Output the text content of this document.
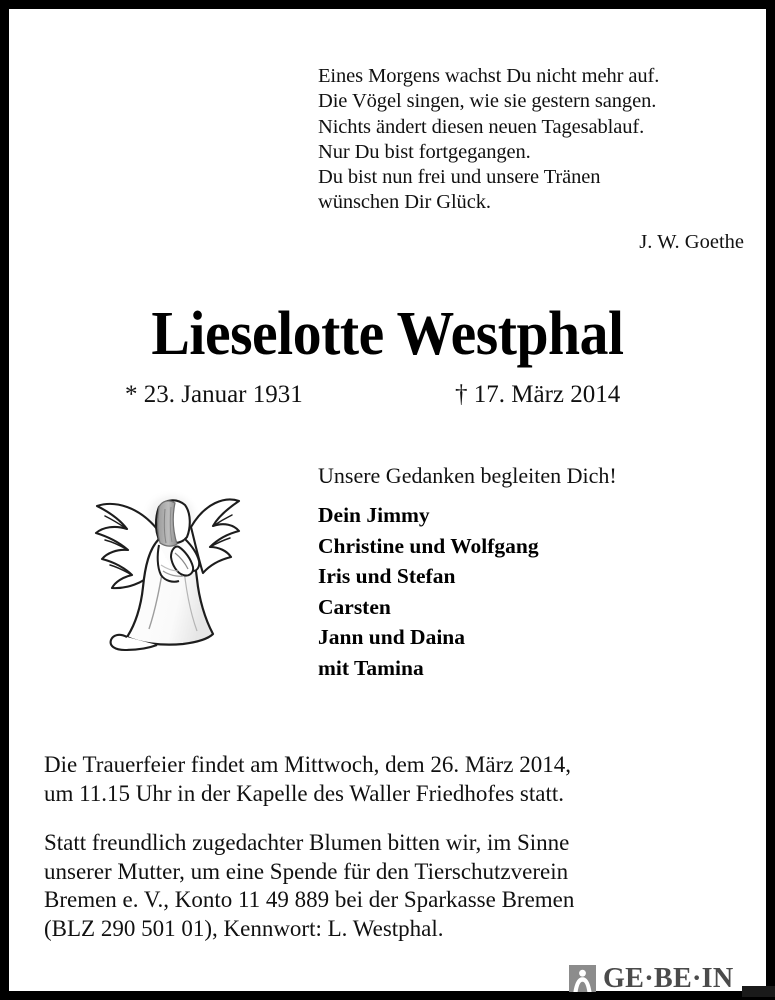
Eines Morgens wachst Du nicht mehr auf.
Die Vögel singen, wie sie gestern sangen.
Nichts ändert diesen neuen Tagesablauf.
Nur Du bist fortgegangen.
Du bist nun frei und unsere Tränen
wünschen Dir Glück.
J. W. Goethe
Lieselotte Westphal
* 23. Januar 1931	† 17. März 2014
Unsere Gedanken begleiten Dich!
Dein Jimmy
Christine und Wolfgang
Iris und Stefan
Carsten
Jann und Daina
mit Tamina
Die Trauerfeier findet am Mittwoch, dem 26. März 2014,
um 11.15 Uhr in der Kapelle des Waller Friedhofes statt.
Statt freundlich zugedachter Blumen bitten wir, im Sinne
unserer Mutter, um eine Spende für den Tierschutzverein
Bremen e. V., Konto 11 49 889 bei der Sparkasse Bremen
(BLZ 290 501 01), Kennwort: L. Westphal.
GE·BE·IN
